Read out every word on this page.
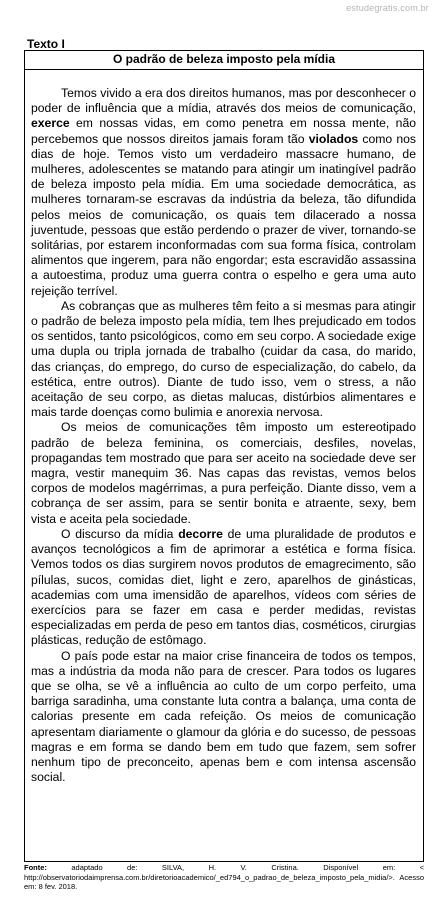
estudegratis.com.br
Texto I
O padrão de beleza imposto pela mídia

Temos vivido a era dos direitos humanos, mas por desconhecer o poder de influência que a mídia, através dos meios de comunicação, exerce em nossas vidas, em como penetra em nossa mente, não percebemos que nossos direitos jamais foram tão violados como nos dias de hoje. Temos visto um verdadeiro massacre humano, de mulheres, adolescentes se matando para atingir um inatingível padrão de beleza imposto pela mídia. Em uma sociedade democrática, as mulheres tornaram-se escravas da indústria da beleza, tão difundida pelos meios de comunicação, os quais tem dilacerado a nossa juventude, pessoas que estão perdendo o prazer de viver, tornando-se solitárias, por estarem inconformadas com sua forma física, controlam alimentos que ingerem, para não engordar; esta escravidão assassina a autoestima, produz uma guerra contra o espelho e gera uma auto rejeição terrível.

As cobranças que as mulheres têm feito a si mesmas para atingir o padrão de beleza imposto pela mídia, tem lhes prejudicado em todos os sentidos, tanto psicológicos, como em seu corpo. A sociedade exige uma dupla ou tripla jornada de trabalho (cuidar da casa, do marido, das crianças, do emprego, do curso de especialização, do cabelo, da estética, entre outros). Diante de tudo isso, vem o stress, a não aceitação de seu corpo, as dietas malucas, distúrbios alimentares e mais tarde doenças como bulimia e anorexia nervosa.

Os meios de comunicações têm imposto um estereotipado padrão de beleza feminina, os comerciais, desfiles, novelas, propagandas tem mostrado que para ser aceito na sociedade deve ser magra, vestir manequim 36. Nas capas das revistas, vemos belos corpos de modelos magérrimas, a pura perfeição. Diante disso, vem a cobrança de ser assim, para se sentir bonita e atraente, sexy, bem vista e aceita pela sociedade.

O discurso da mídia decorre de uma pluralidade de produtos e avanços tecnológicos a fim de aprimorar a estética e forma física. Vemos todos os dias surgirem novos produtos de emagrecimento, são pílulas, sucos, comidas diet, light e zero, aparelhos de ginásticas, academias com uma imensidão de aparelhos, vídeos com séries de exercícios para se fazer em casa e perder medidas, revistas especializadas em perda de peso em tantos dias, cosméticos, cirurgias plásticas, redução de estômago.

O país pode estar na maior crise financeira de todos os tempos, mas a indústria da moda não para de crescer. Para todos os lugares que se olha, se vê a influência ao culto de um corpo perfeito, uma barriga saradinha, uma constante luta contra a balança, uma conta de calorias presente em cada refeição. Os meios de comunicação apresentam diariamente o glamour da glória e do sucesso, de pessoas magras e em forma se dando bem em tudo que fazem, sem sofrer nenhum tipo de preconceito, apenas bem e com intensa ascensão social.

Fonte: adaptado de: SILVA, H. V. Cristina. Disponível em: < http://observatoriodaimprensa.com.br/diretorioacademico/_ed794_o_padrao_de_beleza_imposto_pela_midia/>. Acesso em: 8 fev. 2018.
